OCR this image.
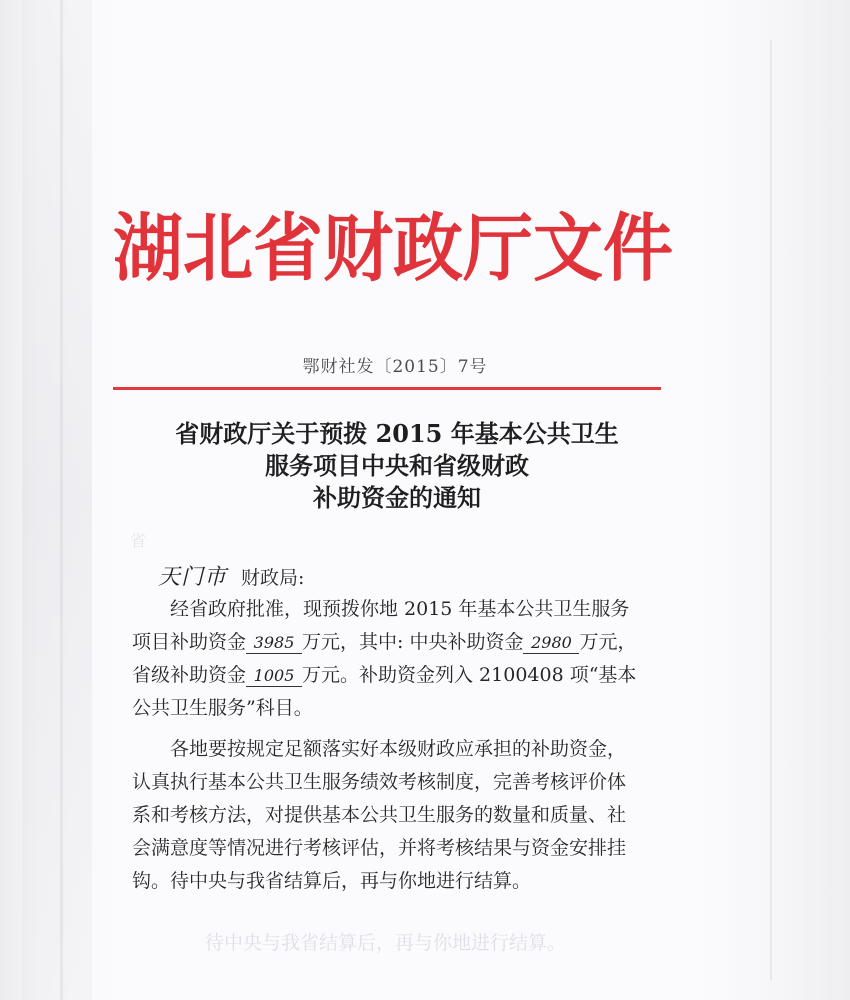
湖北省财政厅文件
鄂财社发〔2015〕7号
省财政厅关于预拨 2015 年基本公共卫生
服务项目中央和省级财政
补助资金的通知
省
天门市 财政局:
经省政府批准，现预拨你地 2015 年基本公共卫生服务
项目补助资金 3985 万元，其中: 中央补助资金 2980 万元，
省级补助资金 1005 万元。补助资金列入 2100408 项“基本
公共卫生服务”科目。
各地要按规定足额落实好本级财政应承担的补助资金，
认真执行基本公共卫生服务绩效考核制度，完善考核评价体
系和考核方法，对提供基本公共卫生服务的数量和质量、社
会满意度等情况进行考核评估，并将考核结果与资金安排挂
钩。待中央与我省结算后，再与你地进行结算。
待中央与我省结算后，再与你地进行结算。
